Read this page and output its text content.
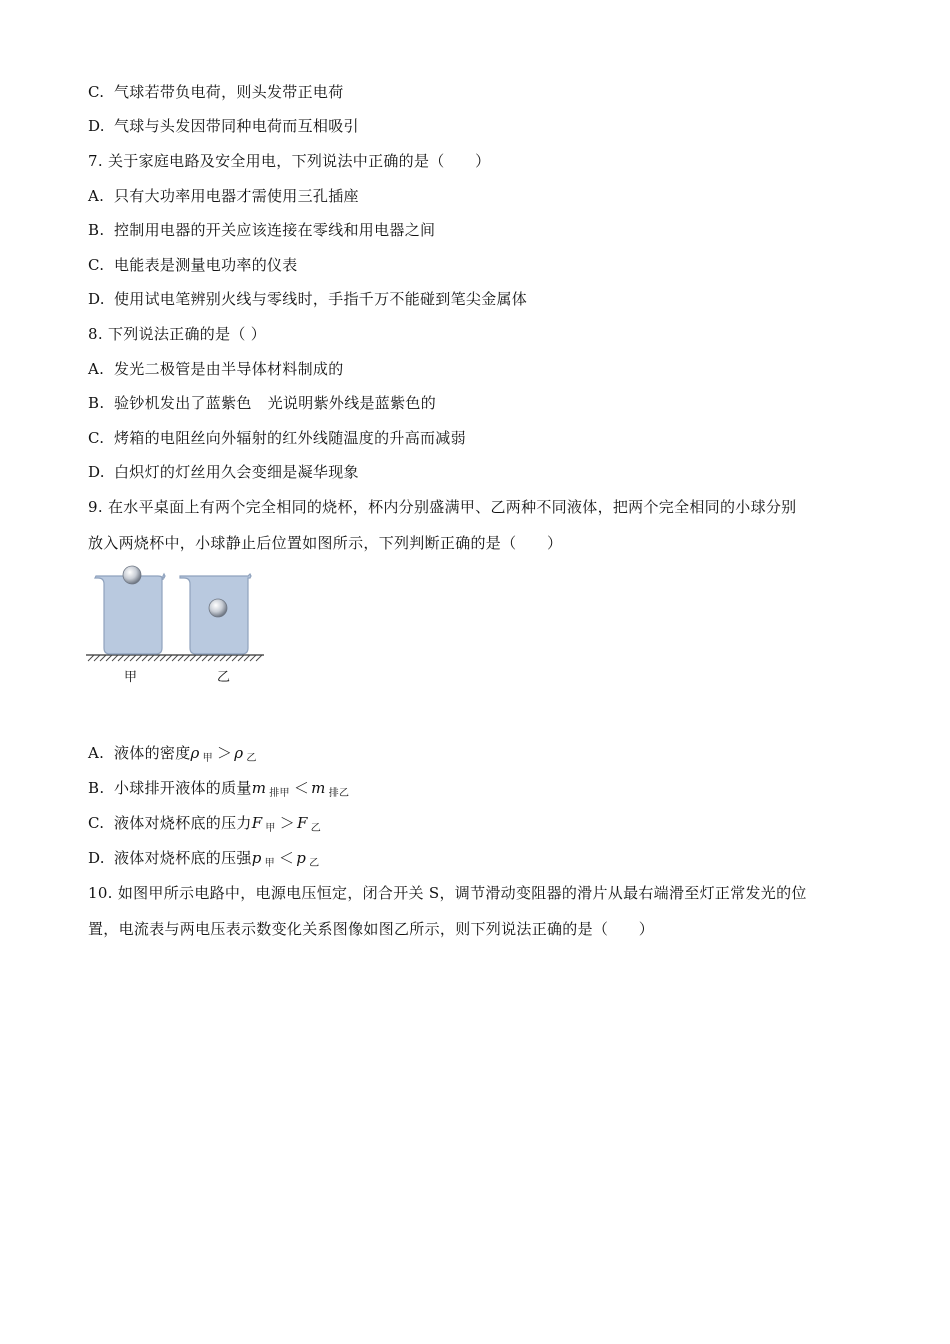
C. 气球若带负电荷，则头发带正电荷
D. 气球与头发因带同种电荷而互相吸引
7. 关于家庭电路及安全用电，下列说法中正确的是（　　）
A. 只有大功率用电器才需使用三孔插座
B. 控制用电器的开关应该连接在零线和用电器之间
C. 电能表是测量电功率的仪表
D. 使用试电笔辨别火线与零线时，手指千万不能碰到笔尖金属体
8. 下列说法正确的是（ ）
A. 发光二极管是由半导体材料制成的
B. 验钞机发出了蓝紫色 光说明紫外线是蓝紫色的
C. 烤箱的电阻丝向外辐射的红外线随温度的升高而减弱
D. 白炽灯的灯丝用久会变细是凝华现象
9. 在水平桌面上有两个完全相同的烧杯，杯内分别盛满甲、乙两种不同液体，把两个完全相同的小球分别
放入两烧杯中，小球静止后位置如图所示，下列判断正确的是（　　）
甲	乙
A. 液体的密度ρ $_甲$ ＞ ρ $_乙$
B. 小球排开液体的质量m $_{排甲}$ ＜ m $_{排乙}$
C. 液体对烧杯底的压力F $_甲$ ＞ F $_乙$
D. 液体对烧杯底的压强p $_甲$ ＜ p $_乙$
10. 如图甲所示电路中，电源电压恒定，闭合开关 S，调节滑动变阻器的滑片从最右端滑至灯正常发光的位
置，电流表与两电压表示数变化关系图像如图乙所示，则下列说法正确的是（　　）
